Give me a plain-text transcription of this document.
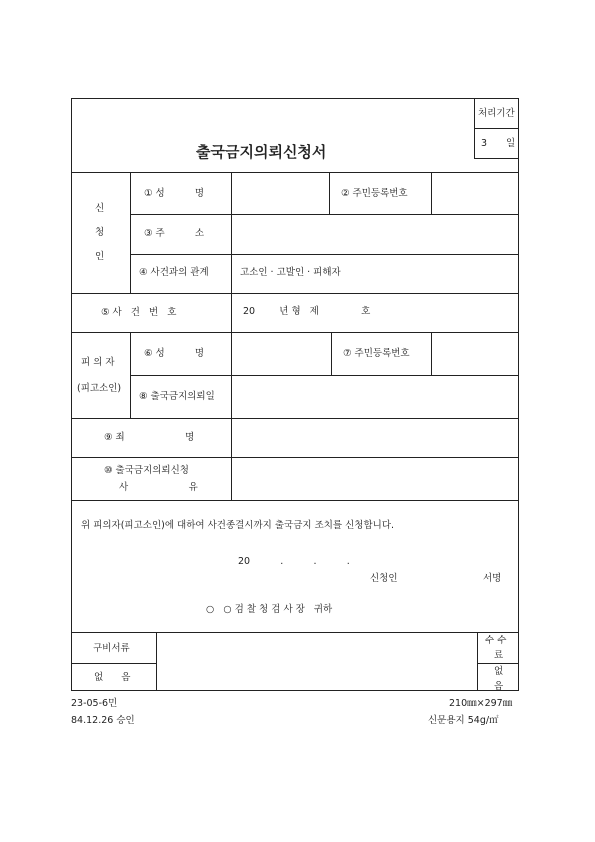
출국금지의뢰신청서
처리기간
3 일
신
청
인
① 성          명	② 주민등록번호
③ 주          소
④ 사건과의 관계	고소인 · 고발인 · 피해자
⑤ 사   건   번   호	20        년 형   제              호
피 의 자
(피고소인)
⑥ 성          명	⑦ 주민등록번호
⑧ 출국금지의뢰일
⑨ 죄                    명
⑩ 출국금지의뢰신청
사                    유
위 피의자(피고소인)에 대하여 사건종결시까지 출국금지 조치를 신청합니다.
20          .          .          .
신청인	서명
○   ○ 검 찰 청 검 사 장   귀하
구비서류
없      음
수 수
료
없
음
23-05-6민
84.12.26 승인
210㎜×297㎜
신문용지 54g/㎡
